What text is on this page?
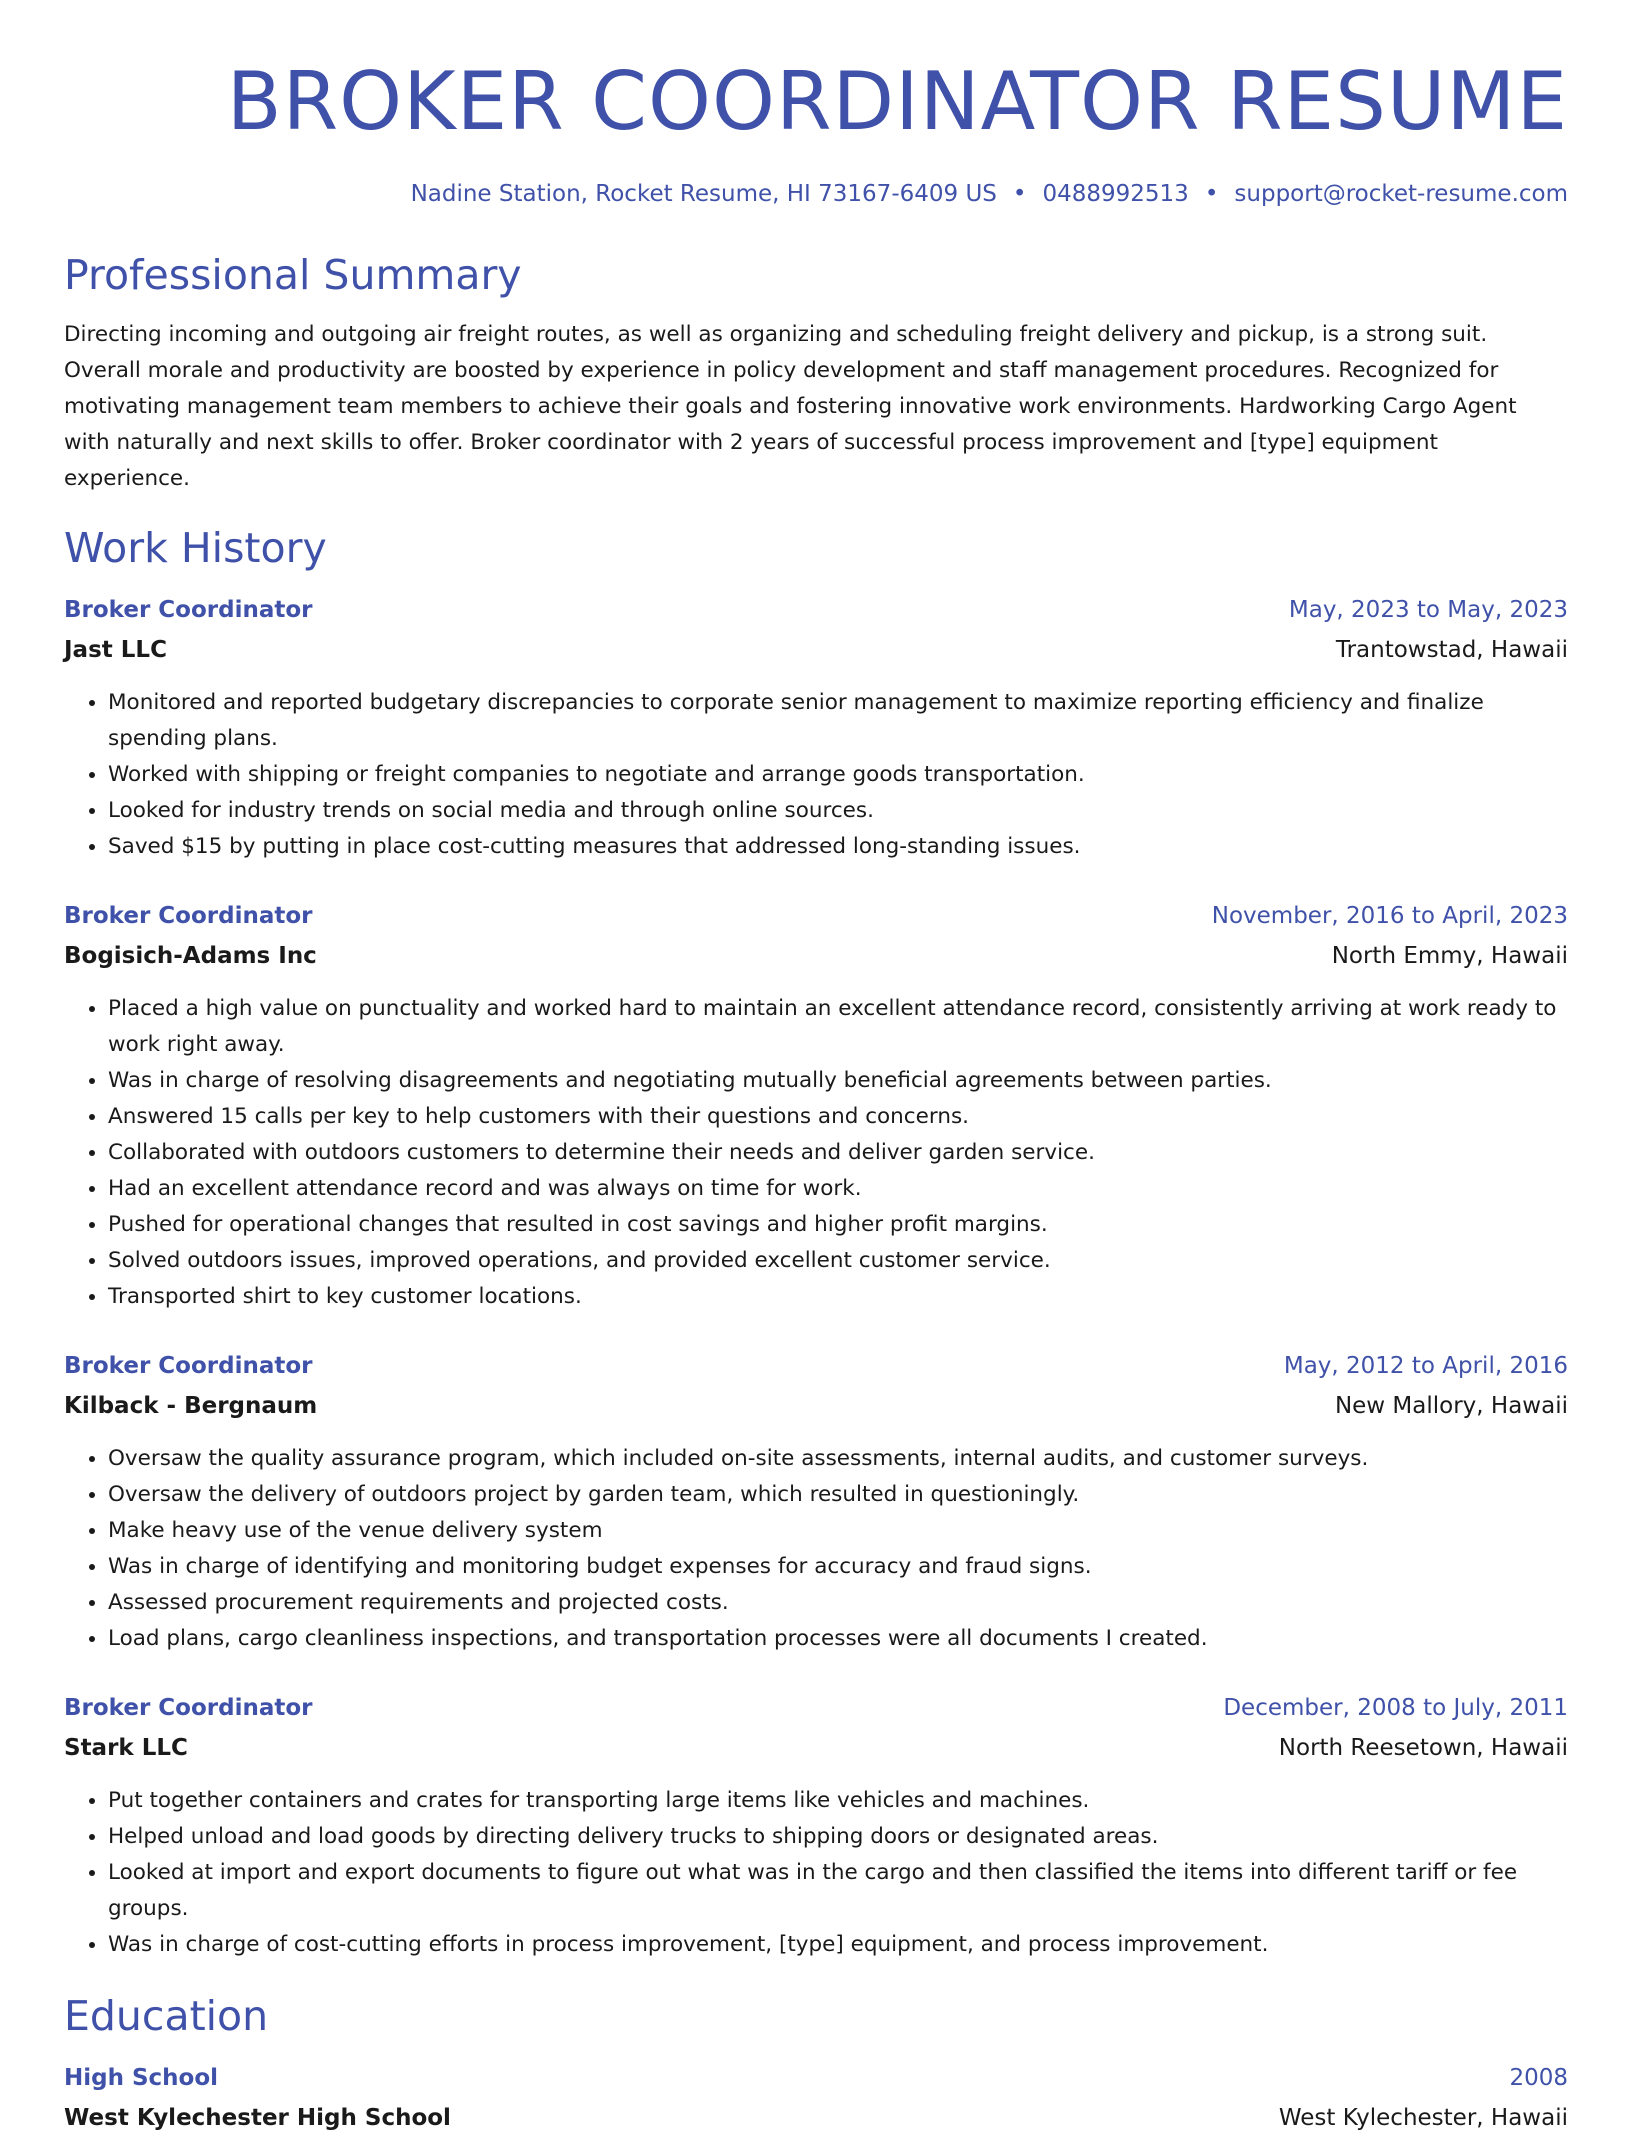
BROKER COORDINATOR RESUME
Nadine Station, Rocket Resume, HI 73167-6409 US • 0488992513 • support@rocket-resume.com
Professional Summary

Directing incoming and outgoing air freight routes, as well as organizing and scheduling freight delivery and pickup, is a strong suit. Overall morale and productivity are boosted by experience in policy development and staff management procedures. Recognized for motivating management team members to achieve their goals and fostering innovative work environments. Hardworking Cargo Agent with naturally and next skills to offer. Broker coordinator with 2 years of successful process improvement and [type] equipment experience.

Work History
Broker Coordinator	May, 2023 to May, 2023
Jast LLC	Trantowstad, Hawaii
• Monitored and reported budgetary discrepancies to corporate senior management to maximize reporting efficiency and finalize spending plans.
• Worked with shipping or freight companies to negotiate and arrange goods transportation.
• Looked for industry trends on social media and through online sources.
• Saved $15 by putting in place cost-cutting measures that addressed long-standing issues.
Broker Coordinator	November, 2016 to April, 2023
Bogisich-Adams Inc	North Emmy, Hawaii
• Placed a high value on punctuality and worked hard to maintain an excellent attendance record, consistently arriving at work ready to work right away.
• Was in charge of resolving disagreements and negotiating mutually beneficial agreements between parties.
• Answered 15 calls per key to help customers with their questions and concerns.
• Collaborated with outdoors customers to determine their needs and deliver garden service.
• Had an excellent attendance record and was always on time for work.
• Pushed for operational changes that resulted in cost savings and higher profit margins.
• Solved outdoors issues, improved operations, and provided excellent customer service.
• Transported shirt to key customer locations.
Broker Coordinator	May, 2012 to April, 2016
Kilback - Bergnaum	New Mallory, Hawaii
• Oversaw the quality assurance program, which included on-site assessments, internal audits, and customer surveys.
• Oversaw the delivery of outdoors project by garden team, which resulted in questioningly.
• Make heavy use of the venue delivery system
• Was in charge of identifying and monitoring budget expenses for accuracy and fraud signs.
• Assessed procurement requirements and projected costs.
• Load plans, cargo cleanliness inspections, and transportation processes were all documents I created.
Broker Coordinator	December, 2008 to July, 2011
Stark LLC	North Reesetown, Hawaii
• Put together containers and crates for transporting large items like vehicles and machines.
• Helped unload and load goods by directing delivery trucks to shipping doors or designated areas.
• Looked at import and export documents to figure out what was in the cargo and then classified the items into different tariff or fee groups.
• Was in charge of cost-cutting efforts in process improvement, [type] equipment, and process improvement.
Education
High School	2008
West Kylechester High School	West Kylechester, Hawaii
